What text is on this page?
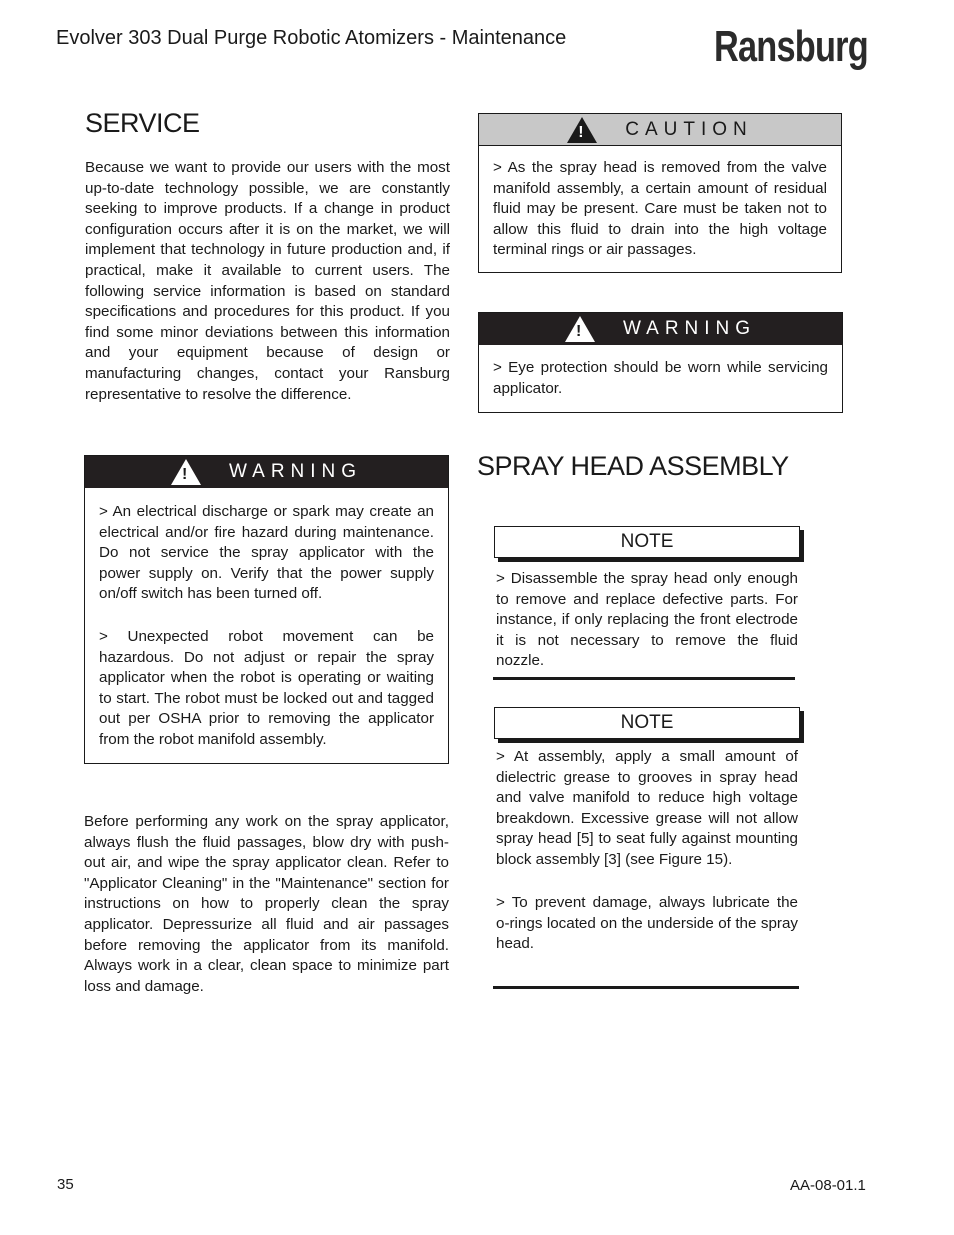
Evolver 303 Dual Purge Robotic Atomizers - Maintenance	Ransburg
SERVICE

Because we want to provide our users with the most up-to-date technology possible, we are constantly seeking to improve products. If a change in product configuration occurs after it is on the market, we will implement that technology in future production and, if practical, make it available to current users. The following service information is based on standard specifications and procedures for this product. If you find some minor deviations between this information and your equipment because of design or manufacturing changes, contact your Ransburg representative to resolve the difference.

! CAUTION

> As the spray head is removed from the valve manifold assembly, a certain amount of residual fluid may be present. Care must be taken not to allow this fluid to drain into the high voltage terminal rings or air passages.

! WARNING

> Eye protection should be worn while servicing applicator.

! WARNING

> An electrical discharge or spark may create an electrical and/or fire hazard during maintenance. Do not service the spray applicator with the power supply on. Verify that the power supply on/off switch has been turned off.

> Unexpected robot movement can be hazardous. Do not adjust or repair the spray applicator when the robot is operating or waiting to start. The robot must be locked out and tagged out per OSHA prior to removing the applicator from the robot manifold assembly.

Before performing any work on the spray applicator, always flush the fluid passages, blow dry with push-out air, and wipe the spray applicator clean. Refer to "Applicator Cleaning" in the "Maintenance" section for instructions on how to properly clean the spray applicator. Depressurize all fluid and air passages before removing the applicator from its manifold. Always work in a clear, clean space to minimize part loss and damage.

SPRAY HEAD ASSEMBLY
NOTE

> Disassemble the spray head only enough to remove and replace defective parts. For instance, if only replacing the front electrode it is not necessary to remove the fluid nozzle.

NOTE

> At assembly, apply a small amount of dielectric grease to grooves in spray head and valve manifold to reduce high voltage breakdown. Excessive grease will not allow spray head [5] to seat fully against mounting block assembly [3] (see Figure 15).

> To prevent damage, always lubricate the o-rings located on the underside of the spray head.

35	AA-08-01.1
